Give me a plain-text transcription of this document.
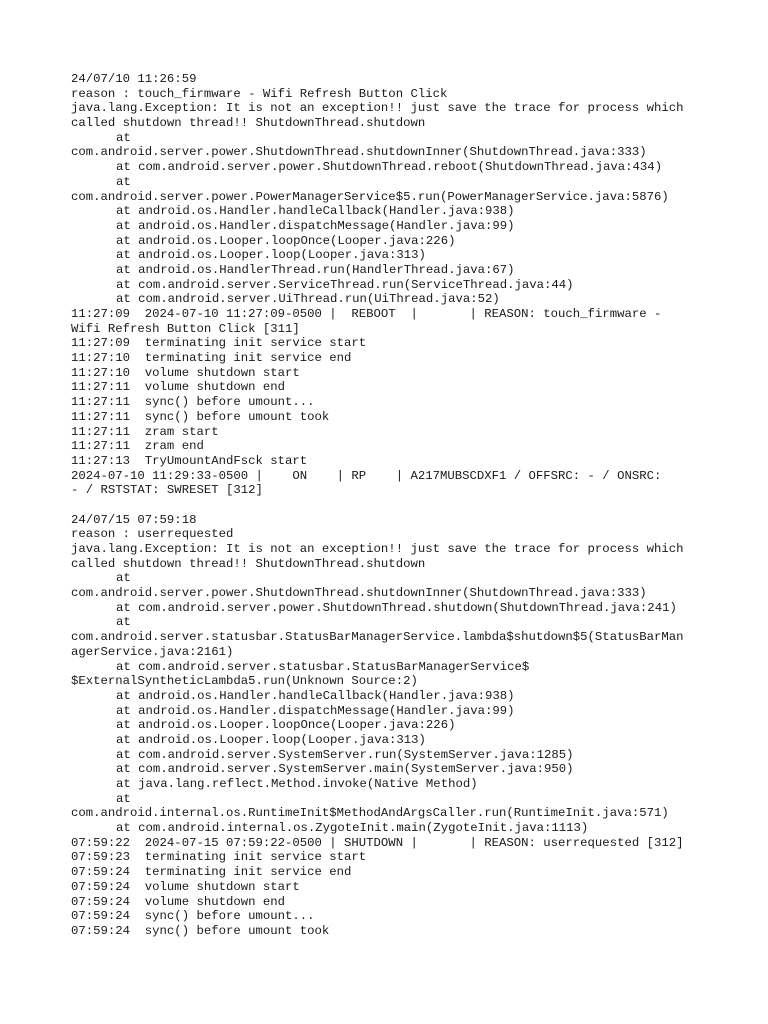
24/07/10 11:26:59
reason : touch_firmware - Wifi Refresh Button Click
java.lang.Exception: It is not an exception!! just save the trace for process which
called shutdown thread!! ShutdownThread.shutdown
at
com.android.server.power.ShutdownThread.shutdownInner(ShutdownThread.java:333)
at com.android.server.power.ShutdownThread.reboot(ShutdownThread.java:434)
at
com.android.server.power.PowerManagerService$5.run(PowerManagerService.java:5876)
at android.os.Handler.handleCallback(Handler.java:938)
at android.os.Handler.dispatchMessage(Handler.java:99)
at android.os.Looper.loopOnce(Looper.java:226)
at android.os.Looper.loop(Looper.java:313)
at android.os.HandlerThread.run(HandlerThread.java:67)
at com.android.server.ServiceThread.run(ServiceThread.java:44)
at com.android.server.UiThread.run(UiThread.java:52)
11:27:09  2024-07-10 11:27:09-0500 |  REBOOT  |       | REASON: touch_firmware -
Wifi Refresh Button Click [311]
11:27:09  terminating init service start
11:27:10  terminating init service end
11:27:10  volume shutdown start
11:27:11  volume shutdown end
11:27:11  sync() before umount...
11:27:11  sync() before umount took
11:27:11  zram start
11:27:11  zram end
11:27:13  TryUmountAndFsck start
2024-07-10 11:29:33-0500 |    ON    | RP    | A217MUBSCDXF1 / OFFSRC: - / ONSRC:
- / RSTSTAT: SWRESET [312]
24/07/15 07:59:18
reason : userrequested
java.lang.Exception: It is not an exception!! just save the trace for process which
called shutdown thread!! ShutdownThread.shutdown
at
com.android.server.power.ShutdownThread.shutdownInner(ShutdownThread.java:333)
at com.android.server.power.ShutdownThread.shutdown(ShutdownThread.java:241)
at
com.android.server.statusbar.StatusBarManagerService.lambda$shutdown$5(StatusBarMan
agerService.java:2161)
at com.android.server.statusbar.StatusBarManagerService$
$ExternalSyntheticLambda5.run(Unknown Source:2)
at android.os.Handler.handleCallback(Handler.java:938)
at android.os.Handler.dispatchMessage(Handler.java:99)
at android.os.Looper.loopOnce(Looper.java:226)
at android.os.Looper.loop(Looper.java:313)
at com.android.server.SystemServer.run(SystemServer.java:1285)
at com.android.server.SystemServer.main(SystemServer.java:950)
at java.lang.reflect.Method.invoke(Native Method)
at
com.android.internal.os.RuntimeInit$MethodAndArgsCaller.run(RuntimeInit.java:571)
at com.android.internal.os.ZygoteInit.main(ZygoteInit.java:1113)
07:59:22  2024-07-15 07:59:22-0500 | SHUTDOWN |       | REASON: userrequested [312]
07:59:23  terminating init service start
07:59:24  terminating init service end
07:59:24  volume shutdown start
07:59:24  volume shutdown end
07:59:24  sync() before umount...
07:59:24  sync() before umount took
